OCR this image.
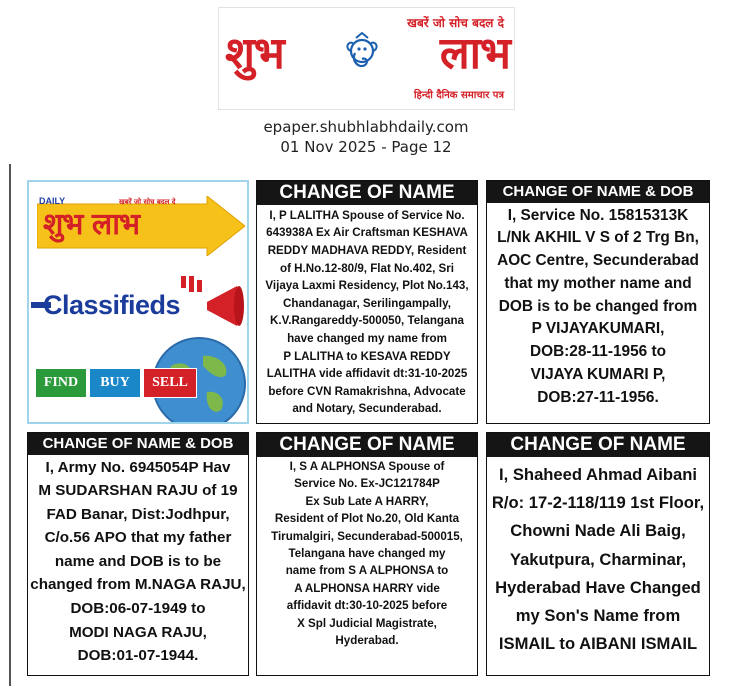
खबरें जो सोच बदल दे
शुभ	लाभ
हिन्दी दैनिक समाचार पत्र
epaper.shubhlabhdaily.com
01 Nov 2025 - Page 12
DAILY	खबरें जो सोच बदल दे
शुभ लाभ
Classifieds
FIND	BUY	SELL
CHANGE OF NAME
I, P LALITHA Spouse of Service No.
643938A Ex Air Craftsman KESHAVA
REDDY MADHAVA REDDY, Resident
of H.No.12-80/9, Flat No.402, Sri
Vijaya Laxmi Residency, Plot No.143,
Chandanagar, Serilingampally,
K.V.Rangareddy-500050, Telangana
have changed my name from
P LALITHA to KESAVA REDDY
LALITHA vide affidavit dt:31-10-2025
before CVN Ramakrishna, Advocate
and Notary, Secunderabad.
CHANGE OF NAME & DOB
I, Service No. 15815313K
L/Nk AKHIL V S of 2 Trg Bn,
AOC Centre, Secunderabad
that my mother name and
DOB is to be changed from
P VIJAYAKUMARI,
DOB:28-11-1956 to
VIJAYA KUMARI P,
DOB:27-11-1956.
CHANGE OF NAME & DOB
I, Army No. 6945054P Hav
M SUDARSHAN RAJU of 19
FAD Banar, Dist:Jodhpur,
C/o.56 APO that my father
name and DOB is to be
changed from M.NAGA RAJU,
DOB:06-07-1949 to
MODI NAGA RAJU,
DOB:01-07-1944.
CHANGE OF NAME
I, S A ALPHONSA Spouse of
Service No. Ex-JC121784P
Ex Sub Late A HARRY,
Resident of Plot No.20, Old Kanta
Tirumalgiri, Secunderabad-500015,
Telangana have changed my
name from S A ALPHONSA to
A ALPHONSA HARRY vide
affidavit dt:30-10-2025 before
X Spl Judicial Magistrate,
Hyderabad.
CHANGE OF NAME
I, Shaheed Ahmad Aibani
R/o: 17-2-118/119 1st Floor,
Chowni Nade Ali Baig,
Yakutpura, Charminar,
Hyderabad Have Changed
my Son's Name from
ISMAIL to AIBANI ISMAIL
